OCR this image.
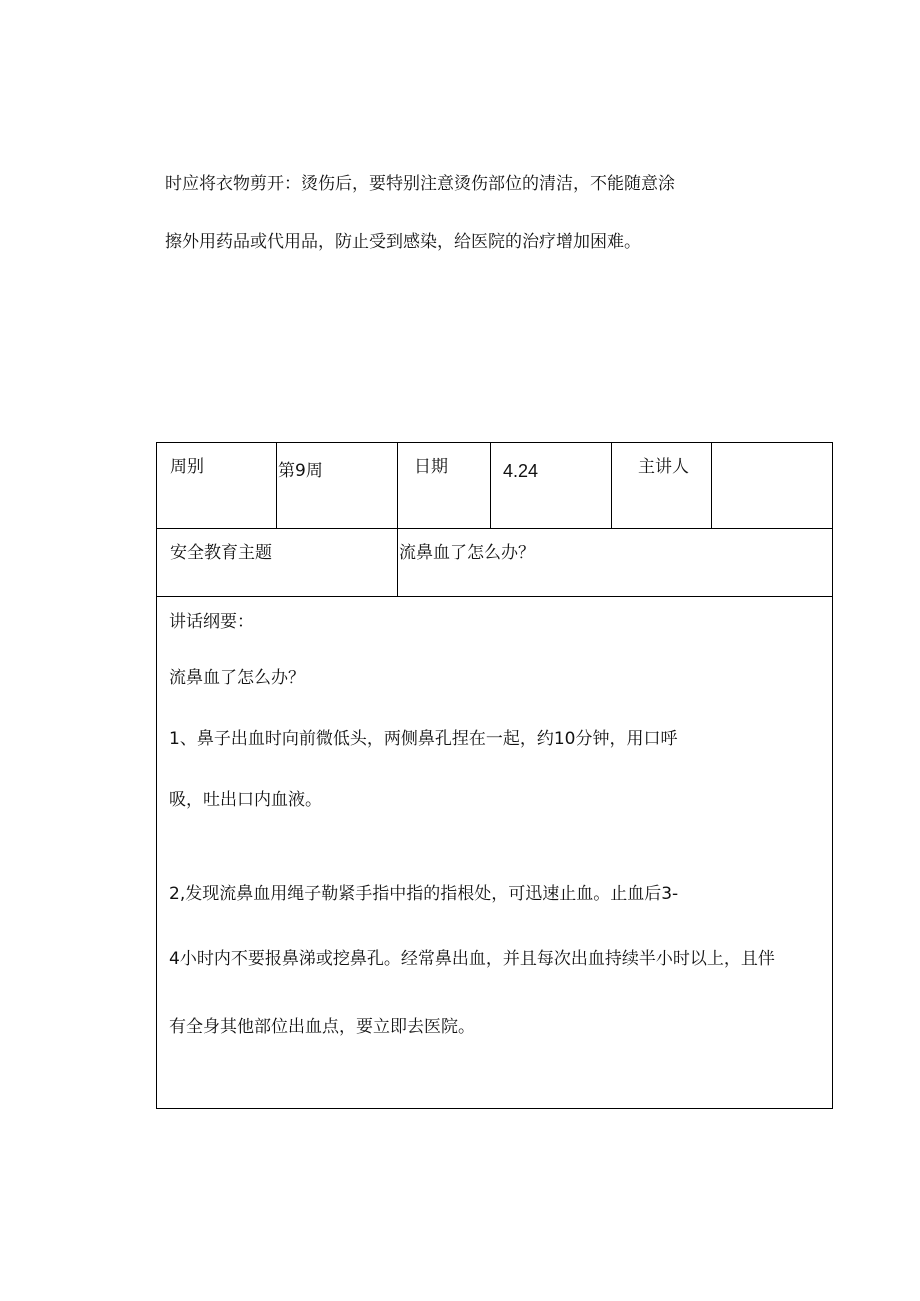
时应将衣物剪开：烫伤后，要特别注意烫伤部位的清洁，不能随意涂
擦外用药品或代用品，防止受到感染，给医院的治疗增加困难。
周别	第9周	日期	4.24	主讲人
安全教育主题	流鼻血了怎么办？
讲话纲要：
流鼻血了怎么办？
1、鼻子出血时向前微低头，两侧鼻孔捏在一起，约10分钟，用口呼
吸，吐出口内血液。
2,发现流鼻血用绳子勒紧手指中指的指根处，可迅速止血。止血后3-
4小时内不要报鼻涕或挖鼻孔。经常鼻出血，并且每次出血持续半小时以上，且伴
有全身其他部位出血点，要立即去医院。
